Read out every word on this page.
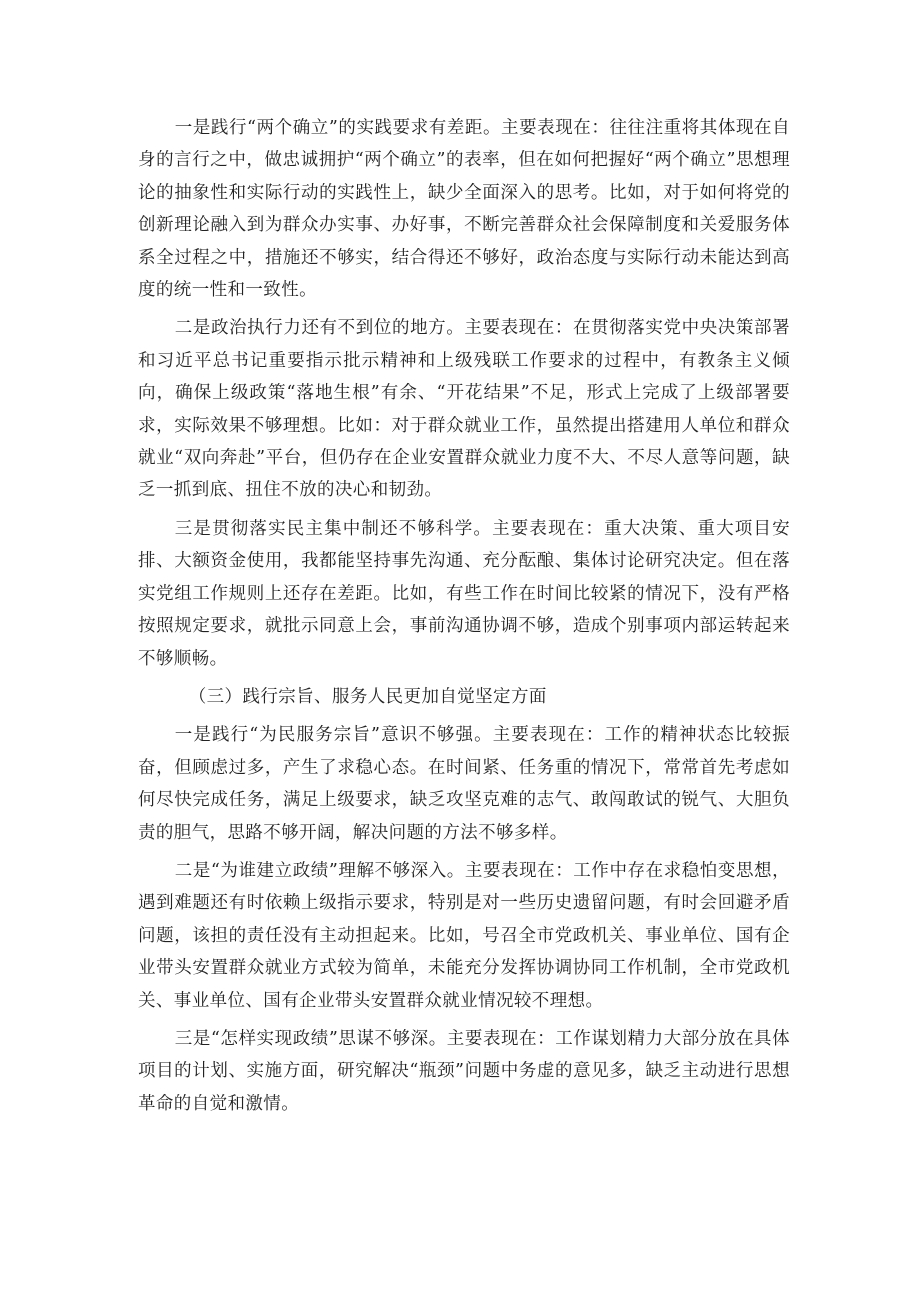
一是践行“两个确立”的实践要求有差距。主要表现在：往往注重将其体现在自身的言行之中，做忠诚拥护“两个确立”的表率，但在如何把握好“两个确立”思想理论的抽象性和实际行动的实践性上，缺少全面深入的思考。比如，对于如何将党的创新理论融入到为群众办实事、办好事，不断完善群众社会保障制度和关爱服务体系全过程之中，措施还不够实，结合得还不够好，政治态度与实际行动未能达到高度的统一性和一致性。

二是政治执行力还有不到位的地方。主要表现在：在贯彻落实党中央决策部署和习近平总书记重要指示批示精神和上级残联工作要求的过程中，有教条主义倾向，确保上级政策“落地生根”有余、“开花结果”不足，形式上完成了上级部署要求，实际效果不够理想。比如：对于群众就业工作，虽然提出搭建用人单位和群众就业“双向奔赴”平台，但仍存在企业安置群众就业力度不大、不尽人意等问题，缺乏一抓到底、扭住不放的决心和韧劲。

三是贯彻落实民主集中制还不够科学。主要表现在：重大决策、重大项目安排、大额资金使用，我都能坚持事先沟通、充分酝酿、集体讨论研究决定。但在落实党组工作规则上还存在差距。比如，有些工作在时间比较紧的情况下，没有严格按照规定要求，就批示同意上会，事前沟通协调不够，造成个别事项内部运转起来不够顺畅。

（三）践行宗旨、服务人民更加自觉坚定方面

一是践行“为民服务宗旨”意识不够强。主要表现在：工作的精神状态比较振奋，但顾虑过多，产生了求稳心态。在时间紧、任务重的情况下，常常首先考虑如何尽快完成任务，满足上级要求，缺乏攻坚克难的志气、敢闯敢试的锐气、大胆负责的胆气，思路不够开阔，解决问题的方法不够多样。

二是“为谁建立政绩”理解不够深入。主要表现在：工作中存在求稳怕变思想，遇到难题还有时依赖上级指示要求，特别是对一些历史遗留问题，有时会回避矛盾问题，该担的责任没有主动担起来。比如，号召全市党政机关、事业单位、国有企业带头安置群众就业方式较为简单，未能充分发挥协调协同工作机制，全市党政机关、事业单位、国有企业带头安置群众就业情况较不理想。

三是“怎样实现政绩”思谋不够深。主要表现在：工作谋划精力大部分放在具体项目的计划、实施方面，研究解决“瓶颈”问题中务虚的意见多，缺乏主动进行思想革命的自觉和激情。
